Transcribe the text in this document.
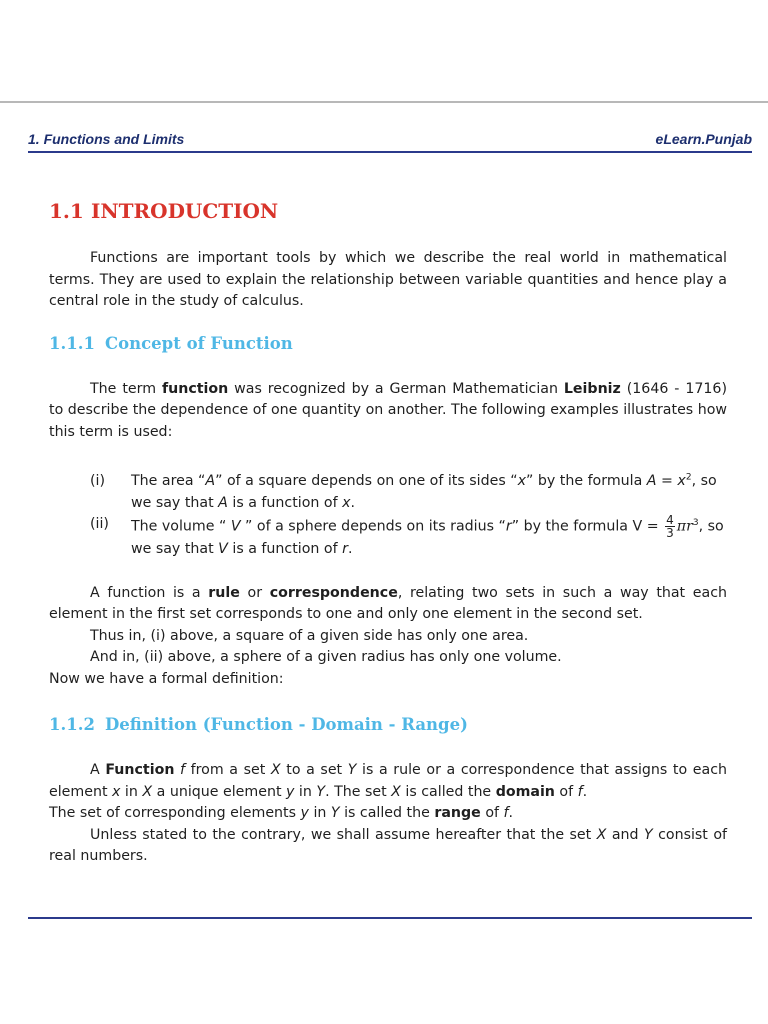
1. Functions and Limits	eLearn.Punjab
1.1 INTRODUCTION

Functions are important tools by which we describe the real world in mathematical terms. They are used to explain the relationship between variable quantities and hence play a central role in the study of calculus.

1.1.1 Concept of Function

The term function was recognized by a German Mathematician Leibniz (1646 - 1716) to describe the dependence of one quantity on another. The following examples illustrates how this term is used:

(i) The area “A” of a square depends on one of its sides “x” by the formula $A = x^2$, so we say that A is a function of x.
(ii) The volume “ V ” of a sphere depends on its radius “r” by the formula $V = \frac{4}{3} \pi r^3$, so we say that V is a function of r.

A function is a rule or correspondence, relating two sets in such a way that each element in the first set corresponds to one and only one element in the second set.

Thus in, (i) above, a square of a given side has only one area.

And in, (ii) above, a sphere of a given radius has only one volume.

Now we have a formal definition:

1.1.2 Definition (Function - Domain - Range)

A Function f from a set X to a set Y is a rule or a correspondence that assigns to each element x in X a unique element y in Y. The set X is called the domain of f.

The set of corresponding elements y in Y is called the range of f.

Unless stated to the contrary, we shall assume hereafter that the set X and Y consist of real numbers.
